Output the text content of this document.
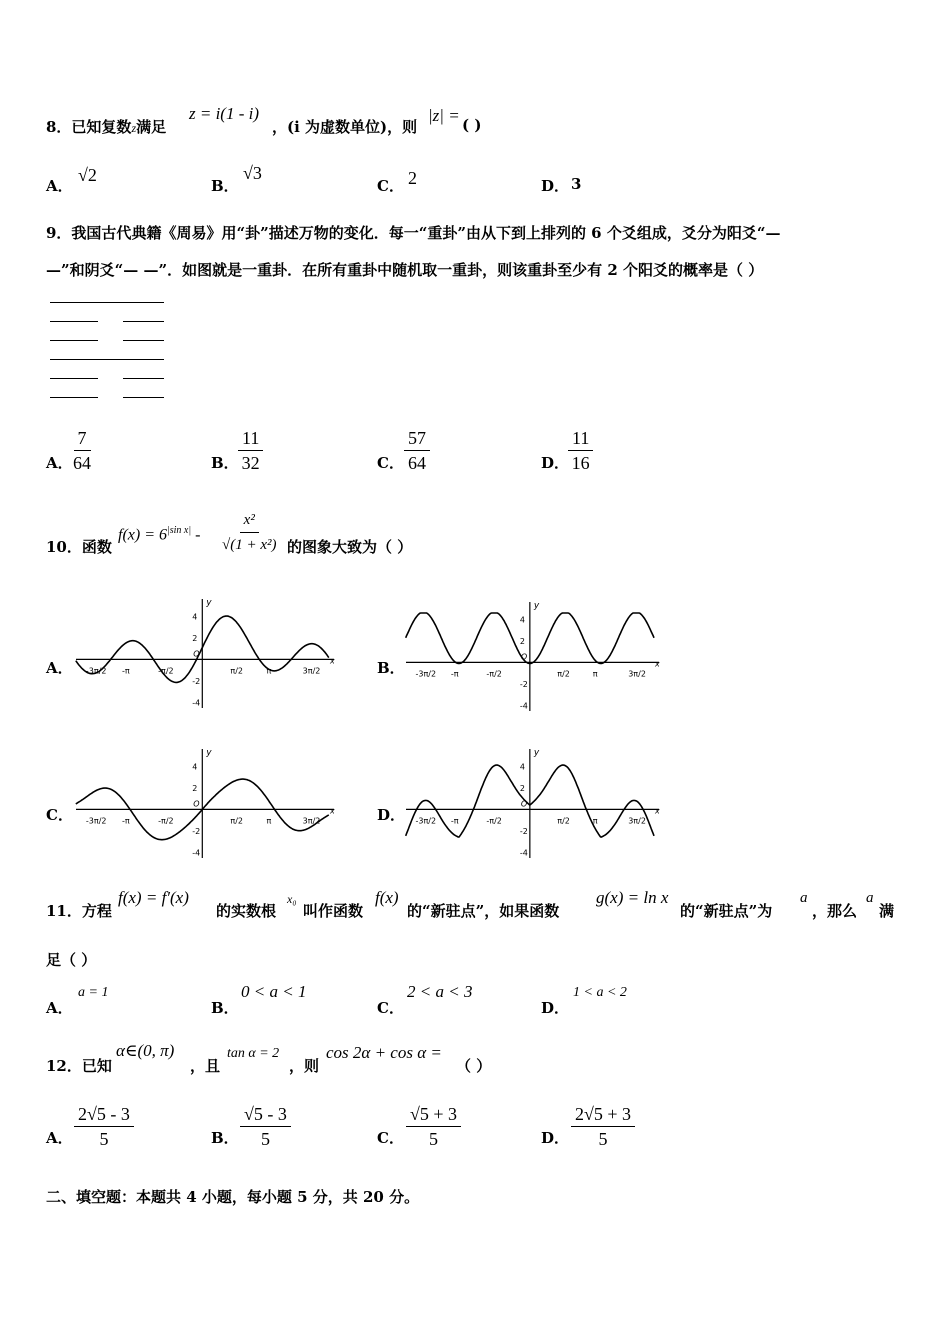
8．已知复数z满足
z = i(1 - i)
，(i 为虚数单位)，则
|z| = ( )
A．
√2
B．
√3
C． 2	D． 3
9．我国古代典籍《周易》用“卦”描述万物的变化．每一“重卦”由从下到上排列的 6 个爻组成，爻分为阳爻“—
—”和阴爻“— —”．如图就是一重卦．在所有重卦中随机取一重卦，则该重卦至少有 2 个阳爻的概率是（ ）
A． $\frac{7}{64}$	B． $\frac{11}{32}$	C． $\frac{57}{64}$	D．
$\frac{11}{16}$
10．函数
$f(x) = 6^{|sin x|} - \frac{\text{x²}}{\text{√(1 + x²)}}$ 的图象大致为（ ）
A．	B．
C．	D．
y
x
O
4
2
-2
-4
-3π/2 -π	-π/2	π/2	π	3π/2
y
x
O
4
2
-2
-4
-3π/2 -π	-π/2	π/2	π	3π/2
y
x
O
4
2
-2
-4
-3π/2 -π	-π/2	π/2	π	3π/2
y
x
O
4
2
-2
-4
-3π/2 -π	-π/2	π/2	π	3π/2
11．方程
f(x) = f′(x)
的实数根
x₀
叫作函数
f(x)
的“新驻点”，如果函数
g(x) = ln x
的“新驻点”为
a
，那么
a
满
足（ ）
A．
a = 1
B．
0 < a < 1
C．
2 < a < 3
D．
1 < a < 2
12．已知
α∈(0, π)
，且
tan α = 2
，则
cos 2α + cos α =
（ ）
A． $\frac{2√5 - 3}{5}$	B． $\frac{√5 - 3}{5}$	C． $\frac{√5 + 3}{5}$	D． $\frac{2√5 + 3}{5}$
二、填空题：本题共 4 小题，每小题 5 分，共 20 分。
